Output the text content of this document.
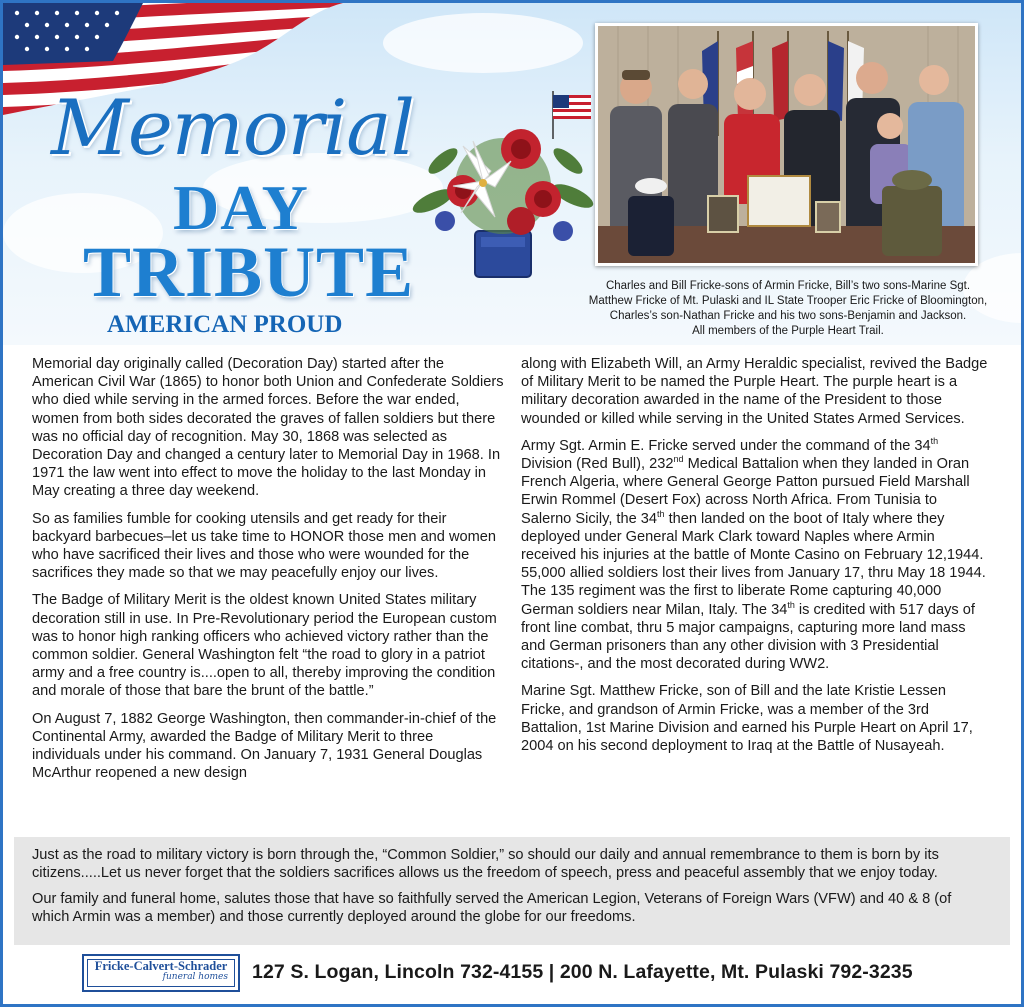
Memorial
DAY
TRIBUTE
AMERICAN PROUD
Charles and Bill Fricke-sons of Armin Fricke, Bill’s two sons-Marine Sgt.
Matthew Fricke of Mt. Pulaski and IL State Trooper Eric Fricke of Bloomington,
Charles’s son-Nathan Fricke and his two sons-Benjamin and Jackson.
All members of the Purple Heart Trail.

Memorial day originally called (Decoration Day) started after the American Civil War (1865) to honor both Union and Confederate Soldiers who died while serving in the armed forces. Before the war ended, women from both sides decorated the graves of fallen soldiers but there was no official day of recognition. May 30, 1868 was selected as Decoration Day and changed a century later to Memorial Day in 1968. In 1971 the law went into effect to move the holiday to the last Monday in May creating a three day weekend.

So as families fumble for cooking utensils and get ready for their backyard barbecues–let us take time to HONOR those men and women who have sacrificed their lives and those who were wounded for the sacrifices they made so that we may peacefully enjoy our lives.

The Badge of Military Merit is the oldest known United States military decoration still in use. In Pre-Revolutionary period the European custom was to honor high ranking officers who achieved victory rather than the common soldier. General Washington felt “the road to glory in a patriot army and a free country is....open to all, thereby improving the condition and morale of those that bare the brunt of the battle.”

On August 7, 1882 George Washington, then commander-in-chief of the Continental Army, awarded the Badge of Military Merit to three individuals under his command. On January 7, 1931 General Douglas McArthur reopened a new design

along with Elizabeth Will, an Army Heraldic specialist, revived the Badge of Military Merit to be named the Purple Heart. The purple heart is a military decoration awarded in the name of the President to those wounded or killed while serving in the United States Armed Services.

Army Sgt. Armin E. Fricke served under the command of the 34th Division (Red Bull), 232nd Medical Battalion when they landed in Oran French Algeria, where General George Patton pursued Field Marshall Erwin Rommel (Desert Fox) across North Africa. From Tunisia to Salerno Sicily, the 34th then landed on the boot of Italy where they deployed under General Mark Clark toward Naples where Armin received his injuries at the battle of Monte Casino on February 12,1944. 55,000 allied soldiers lost their lives from January 17, thru May 18 1944. The 135 regiment was the first to liberate Rome capturing 40,000 German soldiers near Milan, Italy. The 34th is credited with 517 days of front line combat, thru 5 major campaigns, capturing more land mass and German prisoners than any other division with 3 Presidential citations-, and the most decorated during WW2.

Marine Sgt. Matthew Fricke, son of Bill and the late Kristie Lessen Fricke, and grandson of Armin Fricke, was a member of the 3rd Battalion, 1st Marine Division and earned his Purple Heart on April 17, 2004 on his second deployment to Iraq at the Battle of Nusayeah.

Just as the road to military victory is born through the, “Common Soldier,” so should our daily and annual remembrance to them is born by its citizens.....Let us never forget that the soldiers sacrifices allows us the freedom of speech, press and peaceful assembly that we enjoy today.

Our family and funeral home, salutes those that have so faithfully served the American Legion, Veterans of Foreign Wars (VFW) and 40 & 8 (of which Armin was a member) and those currently deployed around the globe for our freedoms.

Fricke-Calvert-Schrader
funeral homes 127 S. Logan, Lincoln 732-4155 | 200 N. Lafayette, Mt. Pulaski 792-3235
